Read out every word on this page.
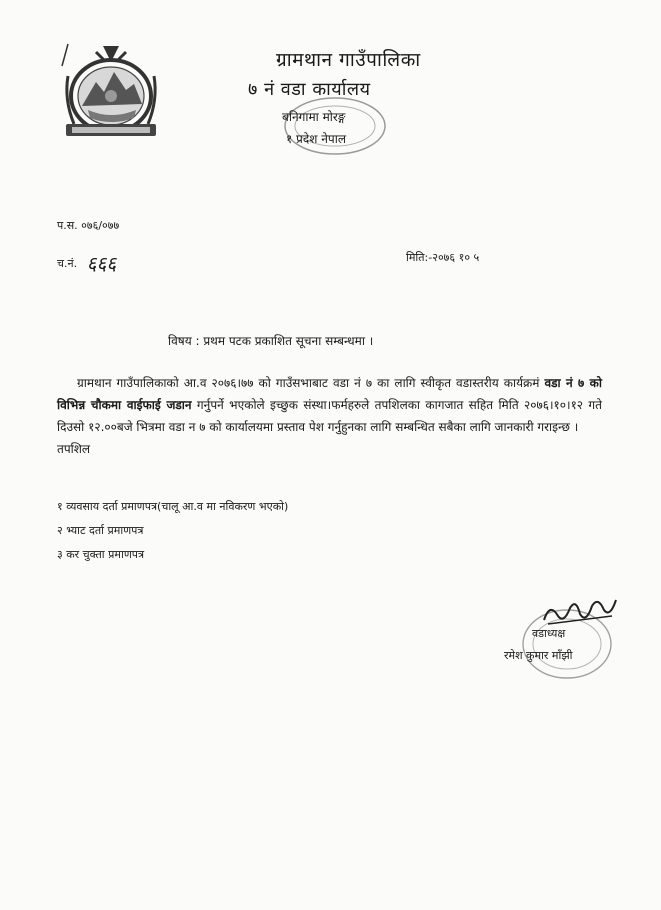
ग्रामथान गाउँपालिका
७ नं वडा कार्यालय
बनिगामा मोरङ्ग
१ प्रदेश नेपाल
प.स. ०७६/०७७
च.नं. ६६६	मिति:-२०७६ १० ५
विषय : प्रथम पटक प्रकाशित सूचना सम्बन्धमा ।
ग्रामथान गाउँपालिकाको आ.व २०७६।७७ को गाउँसभाबाट वडा नं ७ का लागि स्वीकृत वडास्तरीय कार्यक्रमं वडा नं ७ को विभिन्न चौकमा वाईफाई जडान गर्नुपर्ने भएकोले इच्छुक संस्था।फर्महरुले तपशिलका कागजात सहित मिति २०७६।१०।१२ गते दिउसो १२.००बजे भित्रमा वडा न ७ को कार्यालयमा प्रस्ताव पेश गर्नुहुनका लागि सम्बन्धित सबैका लागि जानकारी गराइन्छ ।
तपशिल
१ व्यवसाय दर्ता प्रमाणपत्र(चालू आ.व मा नविकरण भएको)
२ भ्याट दर्ता प्रमाणपत्र
३ कर चुक्ता प्रमाणपत्र
वडाध्यक्ष
रमेश कुमार माँझी
